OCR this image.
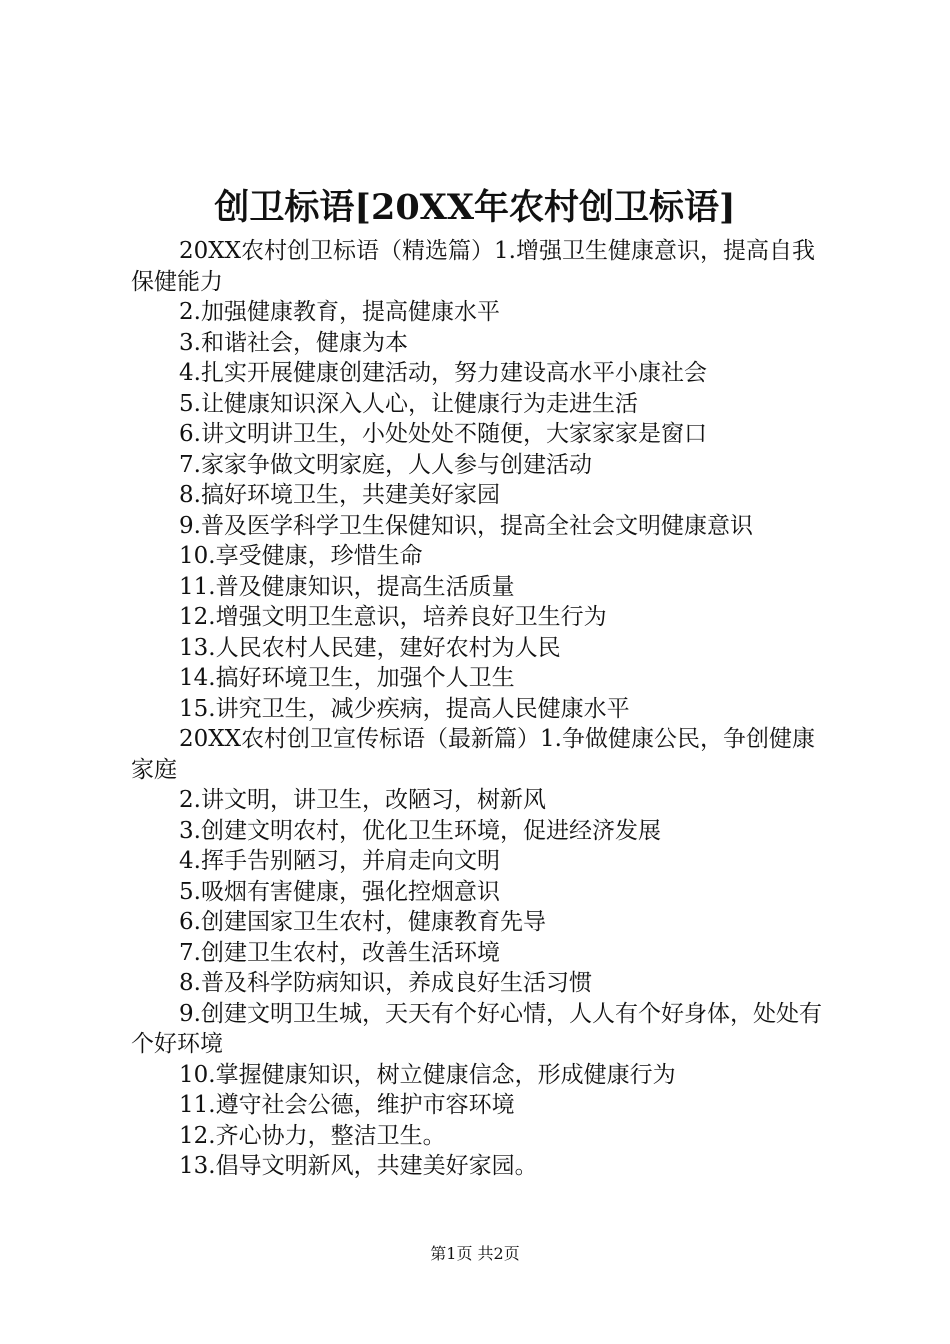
创卫标语[20XX年农村创卫标语]

20XX农村创卫标语（精选篇）1.增强卫生健康意识，提高自我保健能力

2.加强健康教育，提高健康水平

3.和谐社会，健康为本

4.扎实开展健康创建活动，努力建设高水平小康社会

5.让健康知识深入人心，让健康行为走进生活

6.讲文明讲卫生，小处处处不随便，大家家家是窗口

7.家家争做文明家庭，人人参与创建活动

8.搞好环境卫生，共建美好家园

9.普及医学科学卫生保健知识，提高全社会文明健康意识

10.享受健康，珍惜生命

11.普及健康知识，提高生活质量

12.增强文明卫生意识，培养良好卫生行为

13.人民农村人民建，建好农村为人民

14.搞好环境卫生，加强个人卫生

15.讲究卫生，减少疾病，提高人民健康水平

20XX农村创卫宣传标语（最新篇）1.争做健康公民，争创健康家庭

2.讲文明，讲卫生，改陋习，树新风

3.创建文明农村，优化卫生环境，促进经济发展

4.挥手告别陋习，并肩走向文明

5.吸烟有害健康，强化控烟意识

6.创建国家卫生农村，健康教育先导

7.创建卫生农村，改善生活环境

8.普及科学防病知识，养成良好生活习惯

9.创建文明卫生城，天天有个好心情，人人有个好身体，处处有个好环境

10.掌握健康知识，树立健康信念，形成健康行为

11.遵守社会公德，维护市容环境

12.齐心协力，整洁卫生。

13.倡导文明新风，共建美好家园。

第1页 共2页
